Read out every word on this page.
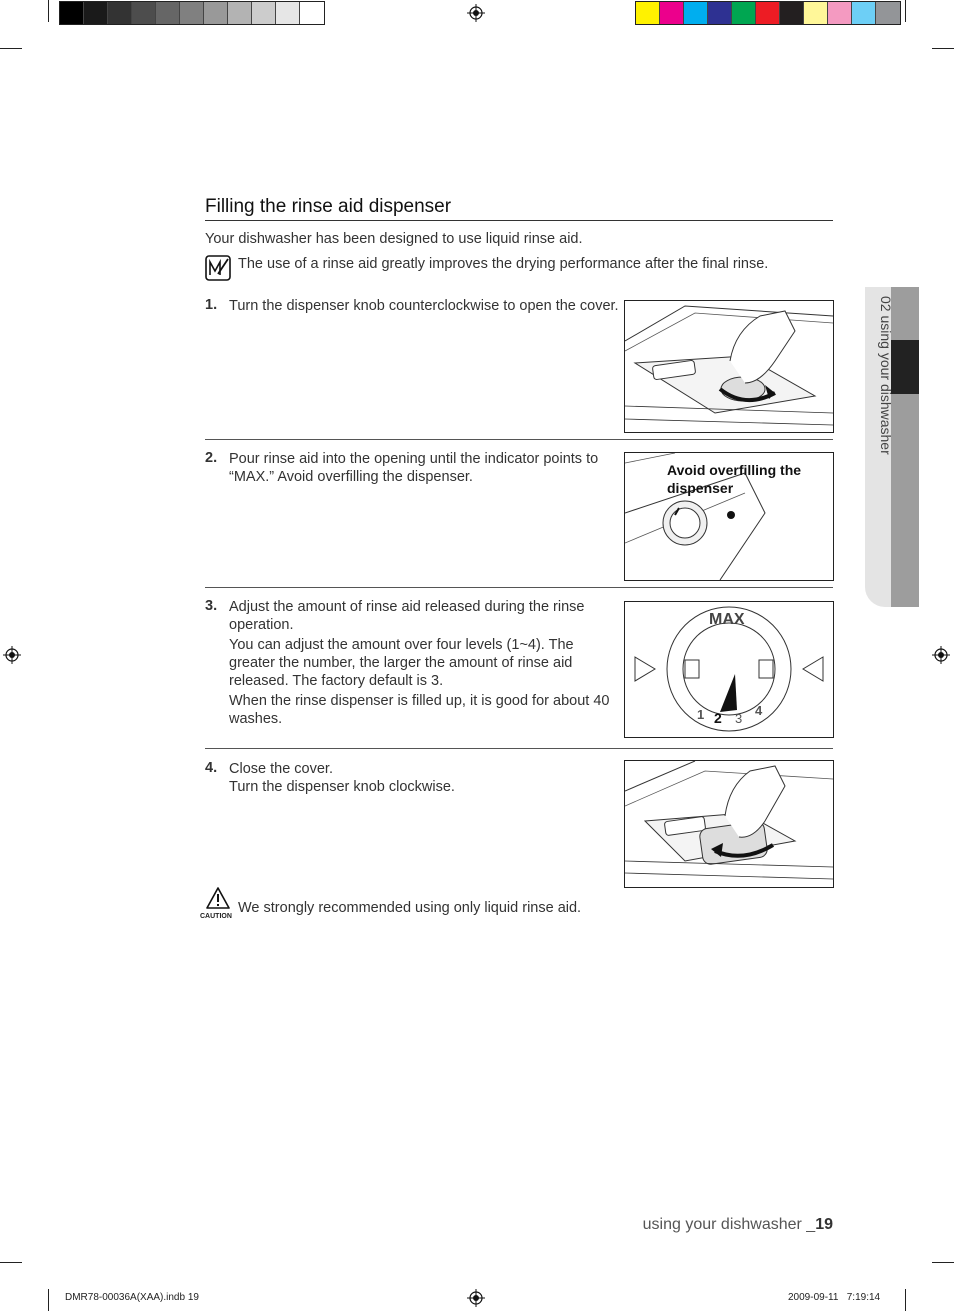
02 using your dishwasher
Filling the rinse aid dispenser
Your dishwasher has been designed to use liquid rinse aid.
The use of a rinse aid greatly improves the drying performance after the final rinse.
1. Turn the dispenser knob counterclockwise to open the cover.

2. Pour rinse aid into the opening until the indicator points to “MAX.” Avoid overfilling the dispenser.	Avoid overfilling the dispenser
3. Adjust the amount of rinse aid released during the rinse operation.

You can adjust the amount over four levels (1~4). The greater the number, the larger the amount of rinse aid released. The factory default is 3.

When the rinse dispenser is filled up, it is good for about 40 washes.

MAX
1 2 3
4
4. Close the cover.

Turn the dispenser knob clockwise.

CAUTION
We strongly recommended using only liquid rinse aid.
using your dishwasher _19
DMR78-00036A(XAA).indb 19	2009-09-11   7:19:14
